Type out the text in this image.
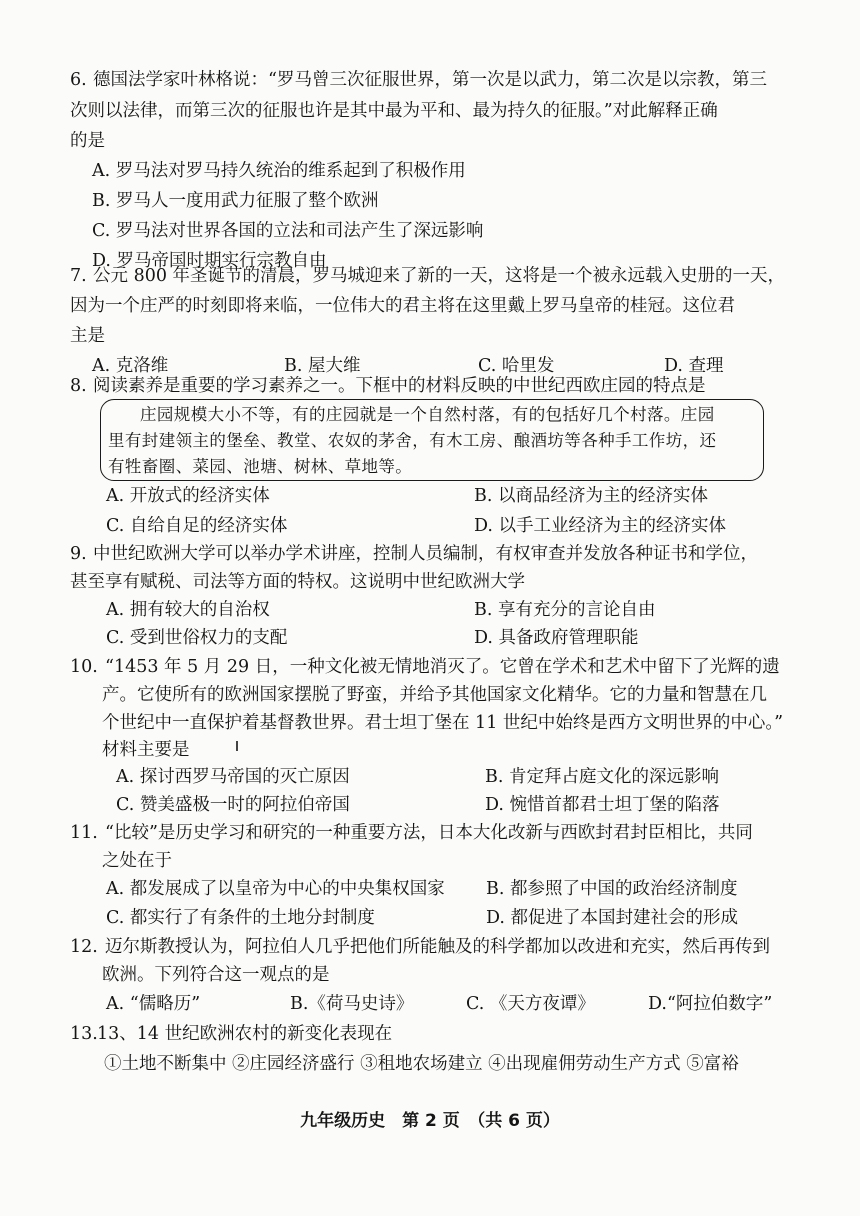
6. 德国法学家叶林格说：“罗马曾三次征服世界，第一次是以武力，第二次是以宗教，第三
次则以法律，而第三次的征服也许是其中最为平和、最为持久的征服。”对此解释正确
的是
A. 罗马法对罗马持久统治的维系起到了积极作用
B. 罗马人一度用武力征服了整个欧洲
C. 罗马法对世界各国的立法和司法产生了深远影响
D. 罗马帝国时期实行宗教自由
7. 公元 800 年圣诞节的清晨，罗马城迎来了新的一天，这将是一个被永远载入史册的一天，
因为一个庄严的时刻即将来临，一位伟大的君主将在这里戴上罗马皇帝的桂冠。这位君
主是
A. 克洛维	B. 屋大维	C. 哈里发	D. 查理
8. 阅读素养是重要的学习素养之一。下框中的材料反映的中世纪西欧庄园的特点是
庄园规模大小不等，有的庄园就是一个自然村落，有的包括好几个村落。庄园
里有封建领主的堡垒、教堂、农奴的茅舍，有木工房、酿酒坊等各种手工作坊，还
有牲畜圈、菜园、池塘、树林、草地等。
A. 开放式的经济实体	B. 以商品经济为主的经济实体
C. 自给自足的经济实体	D. 以手工业经济为主的经济实体
9. 中世纪欧洲大学可以举办学术讲座，控制人员编制，有权审查并发放各种证书和学位，
甚至享有赋税、司法等方面的特权。这说明中世纪欧洲大学
A. 拥有较大的自治权	B. 享有充分的言论自由
C. 受到世俗权力的支配	D. 具备政府管理职能
10. “1453 年 5 月 29 日，一种文化被无情地消灭了。它曾在学术和艺术中留下了光辉的遗
产。它使所有的欧洲国家摆脱了野蛮，并给予其他国家文化精华。它的力量和智慧在几
个世纪中一直保护着基督教世界。君士坦丁堡在 11 世纪中始终是西方文明世界的中心。”
材料主要是
A. 探讨西罗马帝国的灭亡原因	B. 肯定拜占庭文化的深远影响
C. 赞美盛极一时的阿拉伯帝国	D. 惋惜首都君士坦丁堡的陷落
11. “比较”是历史学习和研究的一种重要方法，日本大化改新与西欧封君封臣相比，共同
之处在于
A. 都发展成了以皇帝为中心的中央集权国家 B. 都参照了中国的政治经济制度
C. 都实行了有条件的土地分封制度	D. 都促进了本国封建社会的形成
12. 迈尔斯教授认为，阿拉伯人几乎把他们所能触及的科学都加以改进和充实，然后再传到
欧洲。下列符合这一观点的是
A. “儒略历”	B.《荷马史诗》	C. 《天方夜谭》	D.“阿拉伯数字”
13. 13、14 世纪欧洲农村的新变化表现在
①土地不断集中 ②庄园经济盛行 ③租地农场建立 ④出现雇佣劳动生产方式 ⑤富裕
九年级历史　第 2 页　（共 6 页）
